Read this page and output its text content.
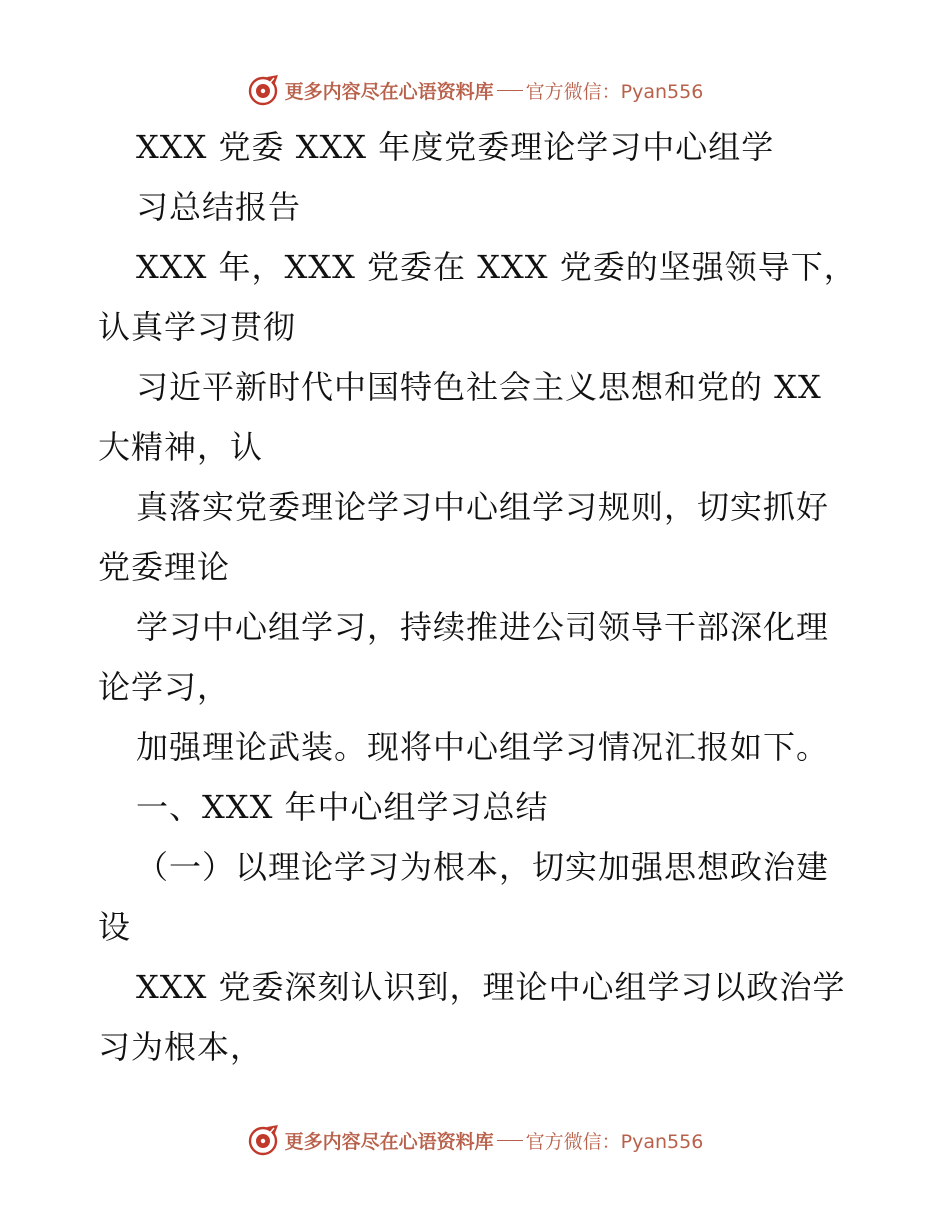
更多内容尽在心语资料库 官方微信：Pyan556
XXX 党委 XXX 年度党委理论学习中心组学
习总结报告
XXX 年，XXX 党委在 XXX 党委的坚强领导下，
认真学习贯彻
习近平新时代中国特色社会主义思想和党的 XX
大精神，认
真落实党委理论学习中心组学习规则，切实抓好
党委理论
学习中心组学习，持续推进公司领导干部深化理
论学习，
加强理论武装。现将中心组学习情况汇报如下。
一、XXX 年中心组学习总结
（一）以理论学习为根本，切实加强思想政治建
设
XXX 党委深刻认识到，理论中心组学习以政治学
习为根本，
更多内容尽在心语资料库 官方微信：Pyan556
